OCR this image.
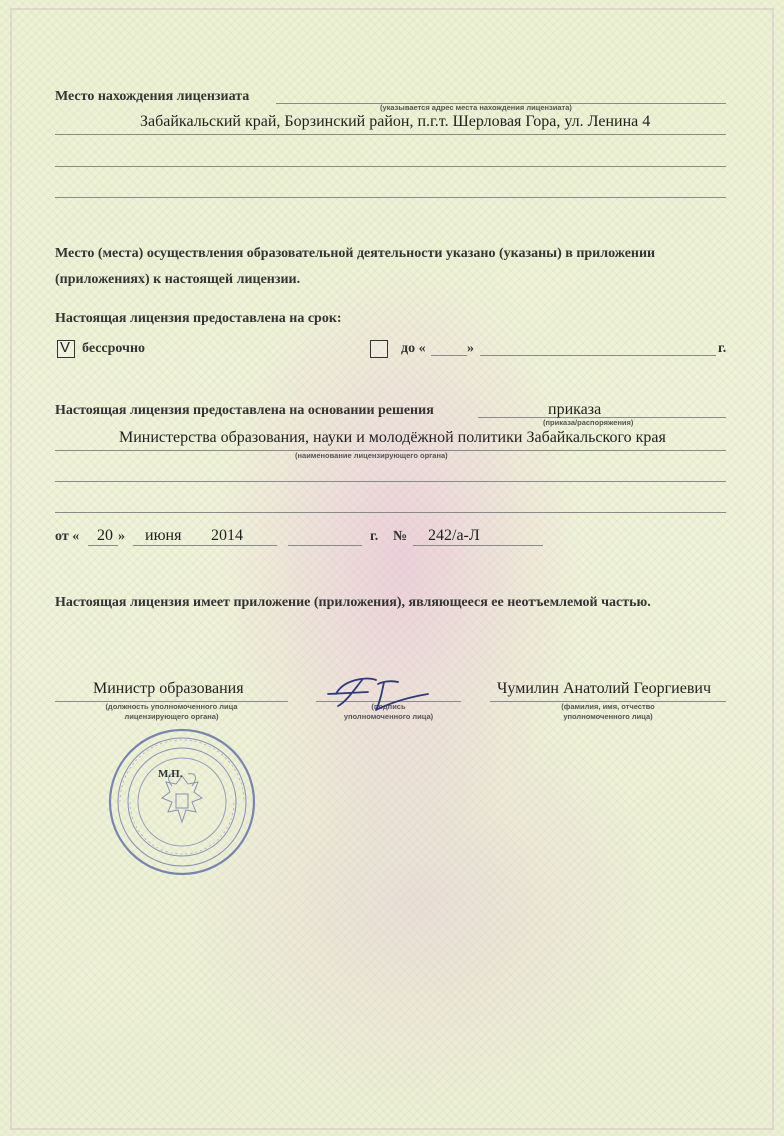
Место нахождения лицензиата
(указывается адрес места нахождения лицензиата)
Забайкальский край, Борзинский район, п.г.т. Шерловая Гора, ул. Ленина 4
Место (места) осуществления образовательной деятельности указано (указаны) в приложении
(приложениях) к настоящей лицензии.
Настоящая лицензия предоставлена на срок:
V бессрочно	до «	»	г.
Настоящая лицензия предоставлена на основании решения	приказа
(приказа/распоряжения)
Министерства образования, науки и молодёжной политики Забайкальского края
(наименование лицензирующего органа)
от « 20 » июня 2014	г. № 242/а-Л
Настоящая лицензия имеет приложение (приложения), являющееся ее неотъемлемой частью.
Министр образования
(должность уполномоченного лица
лицензирующего органа)
(подпись
уполномоченного лица)
Чумилин Анатолий Георгиевич
(фамилия, имя, отчество
уполномоченного лица)
М.П.
